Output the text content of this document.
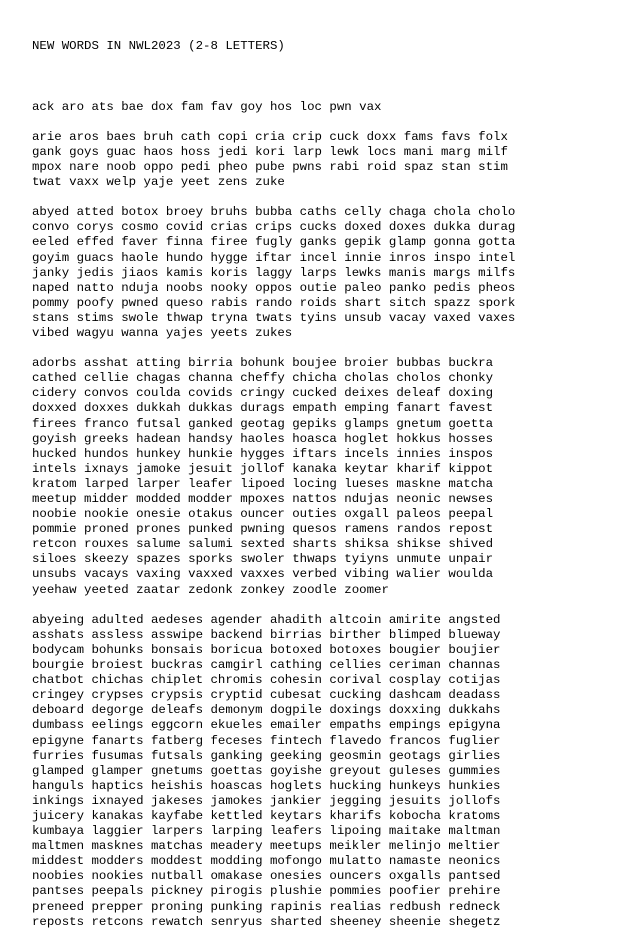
NEW WORDS IN NWL2023 (2-8 LETTERS)

ack aro ats bae dox fam fav goy hos loc pwn vax
arie aros baes bruh cath copi cria crip cuck doxx fams favs folx
gank goys guac haos hoss jedi kori larp lewk locs mani marg milf
mpox nare noob oppo pedi pheo pube pwns rabi roid spaz stan stim
twat vaxx welp yaje yeet zens zuke
abyed atted botox broey bruhs bubba caths celly chaga chola cholo
convo corys cosmo covid crias crips cucks doxed doxes dukka durag
eeled effed faver finna firee fugly ganks gepik glamp gonna gotta
goyim guacs haole hundo hygge iftar incel innie inros inspo intel
janky jedis jiaos kamis koris laggy larps lewks manis margs milfs
naped natto nduja noobs nooky oppos outie paleo panko pedis pheos
pommy poofy pwned queso rabis rando roids shart sitch spazz spork
stans stims swole thwap tryna twats tyins unsub vacay vaxed vaxes
vibed wagyu wanna yajes yeets zukes
adorbs asshat atting birria bohunk boujee broier bubbas buckra
cathed cellie chagas channa cheffy chicha cholas cholos chonky
cidery convos coulda covids cringy cucked deixes deleaf doxing
doxxed doxxes dukkah dukkas durags empath emping fanart favest
firees franco futsal ganked geotag gepiks glamps gnetum goetta
goyish greeks hadean handsy haoles hoasca hoglet hokkus hosses
hucked hundos hunkey hunkie hygges iftars incels innies inspos
intels ixnays jamoke jesuit jollof kanaka keytar kharif kippot
kratom larped larper leafer lipoed locing lueses maskne matcha
meetup midder modded modder mpoxes nattos ndujas neonic newses
noobie nookie onesie otakus ouncer outies oxgall paleos peepal
pommie proned prones punked pwning quesos ramens randos repost
retcon rouxes salume salumi sexted sharts shiksa shikse shived
siloes skeezy spazes sporks swoler thwaps tyiyns unmute unpair
unsubs vacays vaxing vaxxed vaxxes verbed vibing walier woulda
yeehaw yeeted zaatar zedonk zonkey zoodle zoomer
abyeing adulted aedeses agender ahadith altcoin amirite angsted
asshats assless asswipe backend birrias birther blimped blueway
bodycam bohunks bonsais boricua botoxed botoxes bougier boujier
bourgie broiest buckras camgirl cathing cellies ceriman channas
chatbot chichas chiplet chromis cohesin corival cosplay cotijas
cringey crypses crypsis cryptid cubesat cucking dashcam deadass
deboard degorge deleafs demonym dogpile doxings doxxing dukkahs
dumbass eelings eggcorn ekueles emailer empaths empings epigyna
epigyne fanarts fatberg feceses fintech flavedo francos fuglier
furries fusumas futsals ganking geeking geosmin geotags girlies
glamped glamper gnetums goettas goyishe greyout guleses gummies
hanguls haptics heishis hoascas hoglets hucking hunkeys hunkies
inkings ixnayed jakeses jamokes jankier jegging jesuits jollofs
juicery kanakas kayfabe kettled keytars kharifs kobocha kratoms
kumbaya laggier larpers larping leafers lipoing maitake maltman
maltmen masknes matchas meadery meetups meikler melinjo meltier
middest modders moddest modding mofongo mulatto namaste neonics
noobies nookies nutball omakase onesies ouncers oxgalls pantsed
pantses peepals pickney pirogis plushie pommies poofier prehire
preneed prepper proning punking rapinis realias redbush redneck
reposts retcons rewatch senryus sharted sheeney sheenie shegetz
